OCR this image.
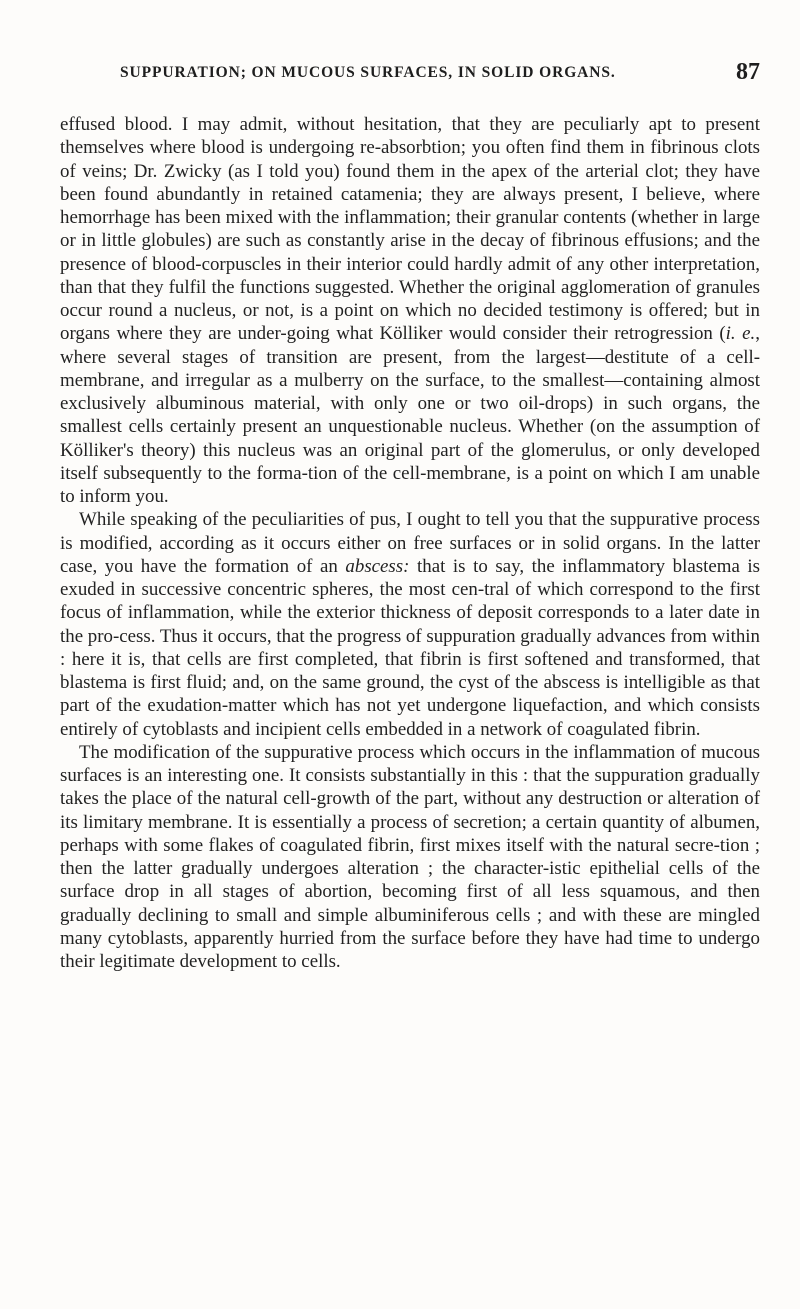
SUPPURATION; ON MUCOUS SURFACES, IN SOLID ORGANS.	87

effused blood. I may admit, without hesitation, that they are peculiarly apt to present themselves where blood is undergoing re-absorbtion; you often find them in fibrinous clots of veins; Dr. Zwicky (as I told you) found them in the apex of the arterial clot; they have been found abundantly in retained catamenia; they are always present, I believe, where hemorrhage has been mixed with the inflammation; their granular contents (whether in large or in little globules) are such as constantly arise in the decay of fibrinous effusions; and the presence of blood-corpuscles in their interior could hardly admit of any other interpretation, than that they fulfil the functions suggested. Whether the original agglomeration of granules occur round a nucleus, or not, is a point on which no decided testimony is offered; but in organs where they are under-going what Kölliker would consider their retrogression (i. e., where several stages of transition are present, from the largest—destitute of a cell-membrane, and irregular as a mulberry on the surface, to the smallest—containing almost exclusively albuminous material, with only one or two oil-drops) in such organs, the smallest cells certainly present an unquestionable nucleus. Whether (on the assumption of Kölliker's theory) this nucleus was an original part of the glomerulus, or only developed itself subsequently to the forma-tion of the cell-membrane, is a point on which I am unable to inform you.

While speaking of the peculiarities of pus, I ought to tell you that the suppurative process is modified, according as it occurs either on free surfaces or in solid organs. In the latter case, you have the formation of an abscess: that is to say, the inflammatory blastema is exuded in successive concentric spheres, the most cen-tral of which correspond to the first focus of inflammation, while the exterior thickness of deposit corresponds to a later date in the pro-cess. Thus it occurs, that the progress of suppuration gradually advances from within : here it is, that cells are first completed, that fibrin is first softened and transformed, that blastema is first fluid; and, on the same ground, the cyst of the abscess is intelligible as that part of the exudation-matter which has not yet undergone liquefaction, and which consists entirely of cytoblasts and incipient cells embedded in a network of coagulated fibrin.

The modification of the suppurative process which occurs in the inflammation of mucous surfaces is an interesting one. It consists substantially in this : that the suppuration gradually takes the place of the natural cell-growth of the part, without any destruction or alteration of its limitary membrane. It is essentially a process of secretion; a certain quantity of albumen, perhaps with some flakes of coagulated fibrin, first mixes itself with the natural secre-tion ; then the latter gradually undergoes alteration ; the character-istic epithelial cells of the surface drop in all stages of abortion, becoming first of all less squamous, and then gradually declining to small and simple albuminiferous cells ; and with these are mingled many cytoblasts, apparently hurried from the surface before they have had time to undergo their legitimate development to cells.
